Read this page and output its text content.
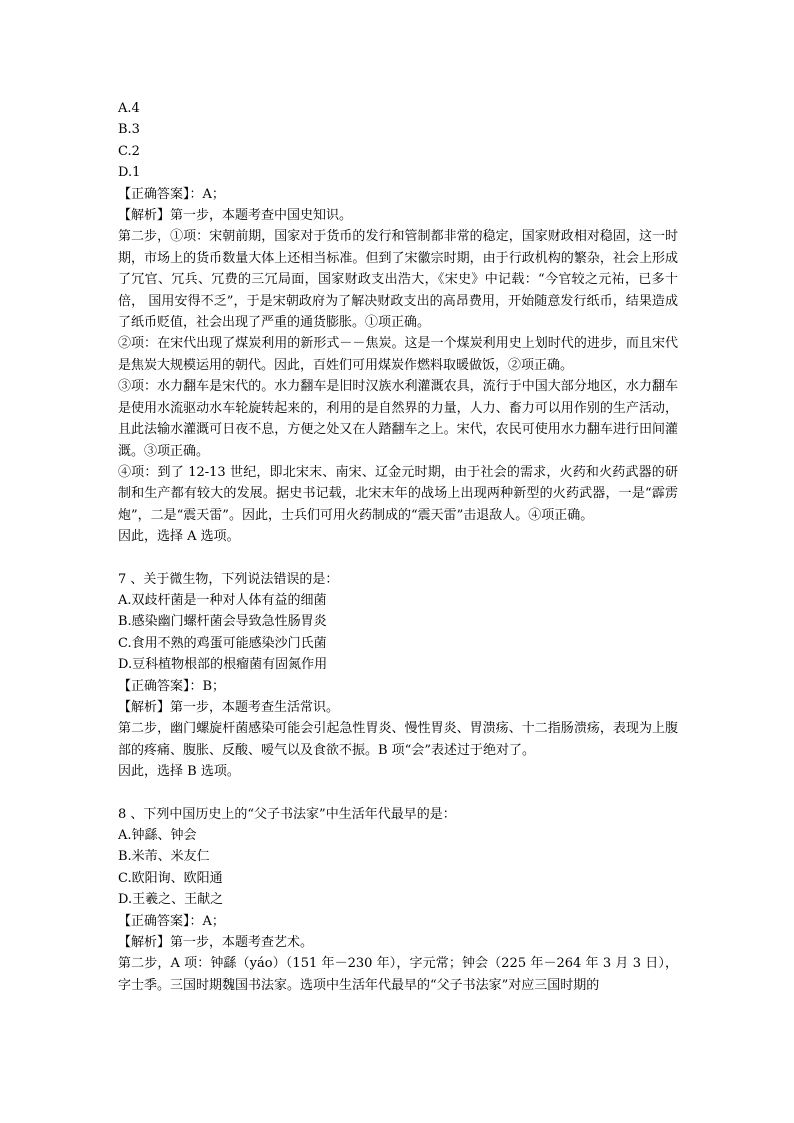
A.4
B.3
C.2
D.1
【正确答案】：A；
【解析】第一步，本题考查中国史知识。
第二步，①项：宋朝前期，国家对于货币的发行和管制都非常的稳定，国家财政相对稳固，这一时期，市场上的货币数量大体上还相当标准。但到了宋徽宗时期，由于行政机构的繁杂，社会上形成了冗官、冗兵、冗费的三冗局面，国家财政支出浩大，《宋史》中记载：“今官较之元祐，已多十倍， 国用安得不乏”，于是宋朝政府为了解决财政支出的高昂费用，开始随意发行纸币，结果造成了纸币贬值，社会出现了严重的通货膨胀。①项正确。
②项：在宋代出现了煤炭利用的新形式－－焦炭。这是一个煤炭利用史上划时代的进步，而且宋代是焦炭大规模运用的朝代。因此，百姓们可用煤炭作燃料取暖做饭，②项正确。
③项：水力翻车是宋代的。水力翻车是旧时汉族水利灌溉农具，流行于中国大部分地区，水力翻车是使用水流驱动水车轮旋转起来的，利用的是自然界的力量，人力、畜力可以用作别的生产活动，且此法输水灌溉可日夜不息，方便之处又在人踏翻车之上。宋代，农民可使用水力翻车进行田间灌溉。③项正确。
④项：到了 12-13 世纪，即北宋末、南宋、辽金元时期，由于社会的需求，火药和火药武器的研制和生产都有较大的发展。据史书记载，北宋末年的战场上出现两种新型的火药武器，一是“霹雳炮”，二是“震天雷”。因此，士兵们可用火药制成的“震天雷”击退敌人。④项正确。
因此，选择 A 选项。
7 、关于微生物，下列说法错误的是：
A.双歧杆菌是一种对人体有益的细菌
B.感染幽门螺杆菌会导致急性肠胃炎
C.食用不熟的鸡蛋可能感染沙门氏菌
D.豆科植物根部的根瘤菌有固氮作用
【正确答案】：B；
【解析】第一步，本题考查生活常识。
第二步，幽门螺旋杆菌感染可能会引起急性胃炎、慢性胃炎、胃溃疡、十二指肠溃疡，表现为上腹部的疼痛、腹胀、反酸、嗳气以及食欲不振。B 项“会”表述过于绝对了。
因此，选择 B 选项。
8 、下列中国历史上的“父子书法家”中生活年代最早的是：
A.钟繇、钟会
B.米芾、米友仁
C.欧阳询、欧阳通
D.王羲之、王献之
【正确答案】：A；
【解析】第一步，本题考查艺术。
第二步，A 项：钟繇（yáo）（151 年－230 年），字元常；钟会（225 年－264 年 3 月 3 日），字士季。三国时期魏国书法家。选项中生活年代最早的“父子书法家”对应三国时期的
